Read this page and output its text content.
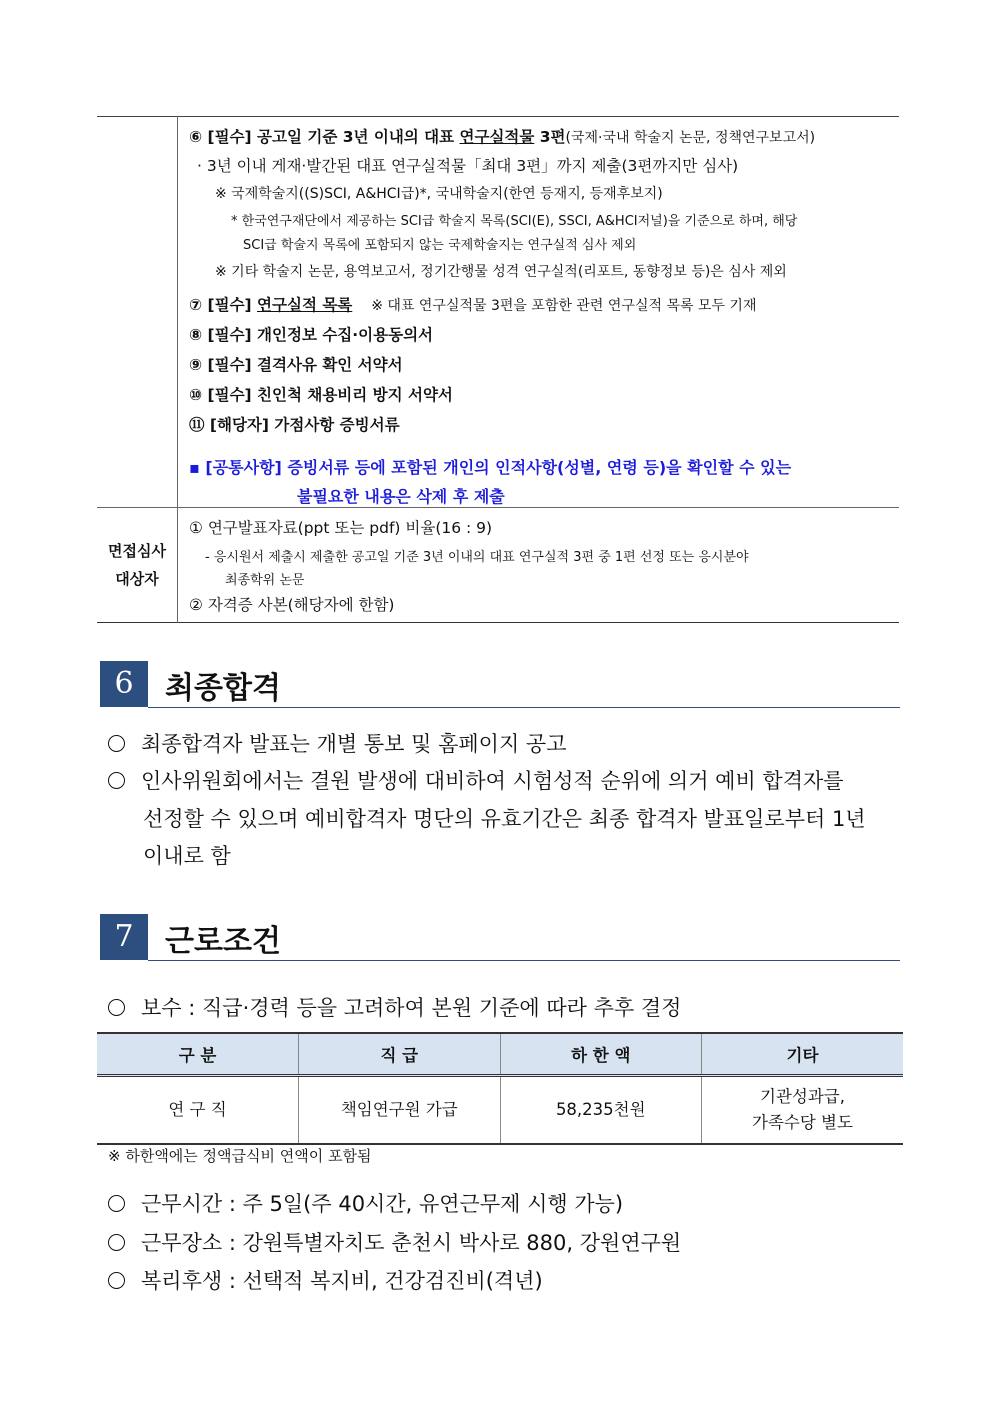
⑥ [필수] 공고일 기준 3년 이내의 대표 연구실적물 3편(국제·국내 학술지 논문, 정책연구보고서)
· 3년 이내 게재·발간된 대표 연구실적물「최대 3편」까지 제출(3편까지만 심사)
※ 국제학술지((S)SCI, A&HCI급)*, 국내학술지(한연 등재지, 등재후보지)
* 한국연구재단에서 제공하는 SCI급 학술지 목록(SCI(E), SSCI, A&HCI저널)을 기준으로 하며, 해당
SCI급 학술지 목록에 포함되지 않는 국제학술지는 연구실적 심사 제외
※ 기타 학술지 논문, 용역보고서, 정기간행물 성격 연구실적(리포트, 동향정보 등)은 심사 제외
⑦ [필수] 연구실적 목록 ※ 대표 연구실적물 3편을 포함한 관련 연구실적 목록 모두 기재
⑧ [필수] 개인정보 수집·이용동의서
⑨ [필수] 결격사유 확인 서약서
⑩ [필수] 친인척 채용비리 방지 서약서
⑪ [해당자] 가점사항 증빙서류
▪ [공통사항] 증빙서류 등에 포함된 개인의 인적사항(성별, 연령 등)을 확인할 수 있는
불필요한 내용은 삭제 후 제출
면접심사
대상자
① 연구발표자료(ppt 또는 pdf) 비율(16 : 9)
- 응시원서 제출시 제출한 공고일 기준 3년 이내의 대표 연구실적 3편 중 1편 선정 또는 응시분야
최종학위 논문
② 자격증 사본(해당자에 한함)
6	최종합격
최종합격자 발표는 개별 통보 및 홈페이지 공고
인사위원회에서는 결원 발생에 대비하여 시험성적 순위에 의거 예비 합격자를
선정할 수 있으며 예비합격자 명단의 유효기간은 최종 합격자 발표일로부터 1년
이내로 함
7	근로조건
보수 : 직급·경력 등을 고려하여 본원 기준에 따라 추후 결정
구 분	직 급	하 한 액	기타
연 구 직	책임연구원 가급	58,235천원	기관성과급,
가족수당 별도
※ 하한액에는 정액급식비 연액이 포함됨
근무시간 : 주 5일(주 40시간, 유연근무제 시행 가능)
근무장소 : 강원특별자치도 춘천시 박사로 880, 강원연구원
복리후생 : 선택적 복지비, 건강검진비(격년)
